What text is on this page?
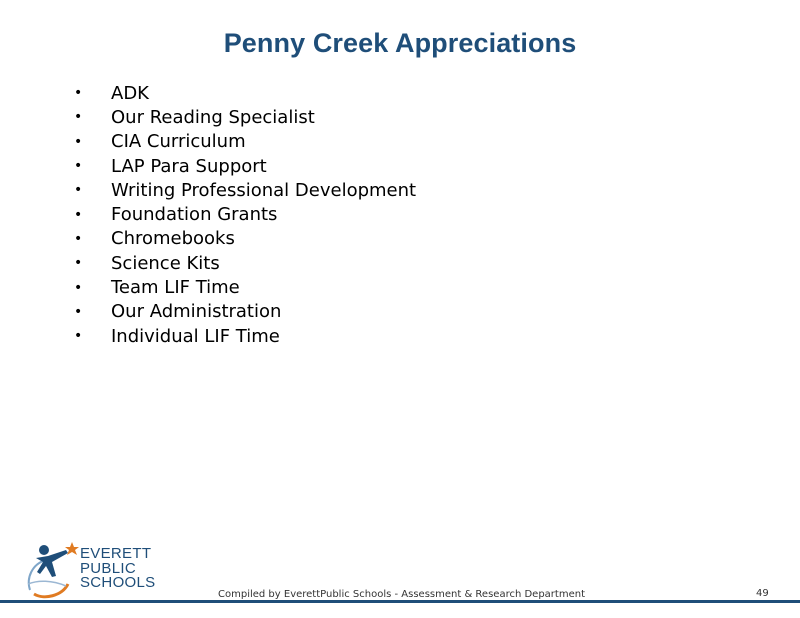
Penny Creek Appreciations
•	ADK
•	Our Reading Specialist
•	CIA Curriculum
•	LAP Para Support
•	Writing Professional Development
•	Foundation Grants
•	Chromebooks
•	Science Kits
•	Team LIF Time
•	Our Administration
•	Individual LIF Time
EVERETT
PUBLIC
SCHOOLS
Compiled by EverettPublic Schools - Assessment & Research Department	49
